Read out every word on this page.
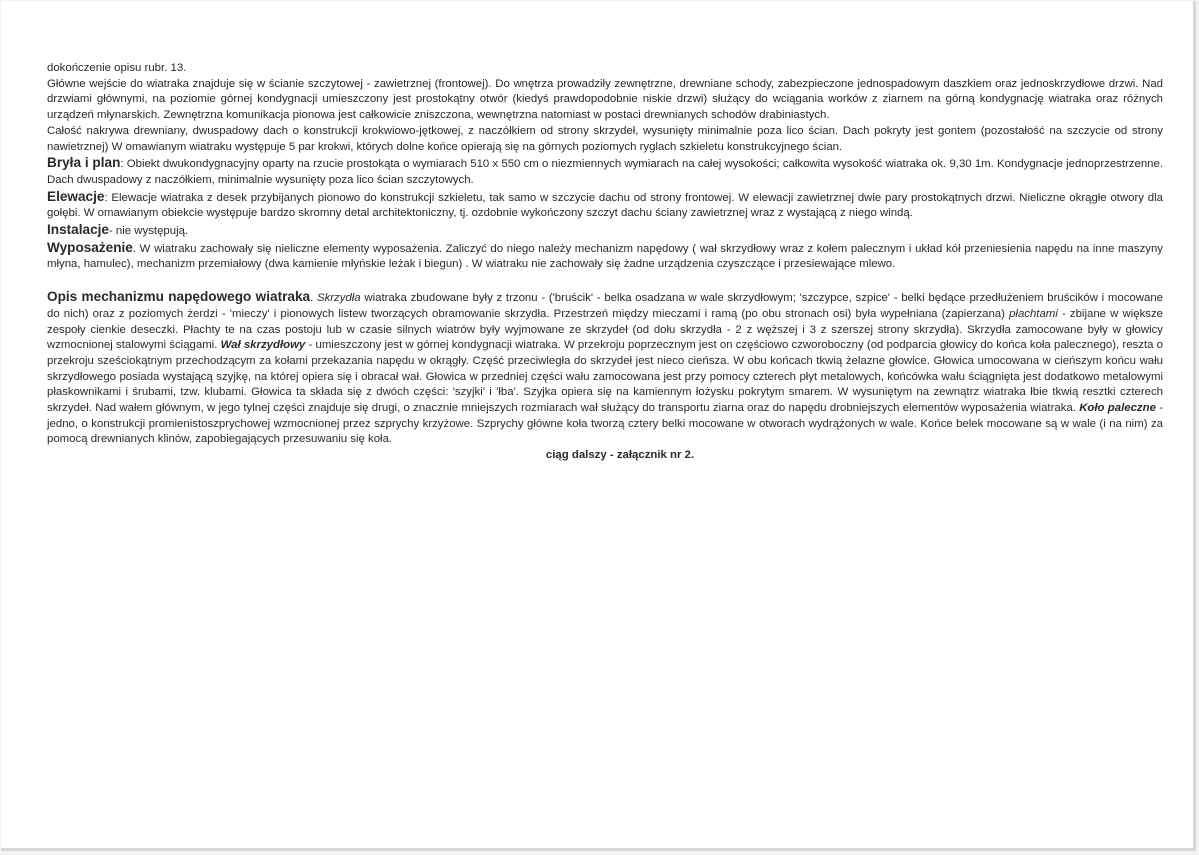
dokończenie opisu rubr. 13.

Główne wejście do wiatraka znajduje się w ścianie szczytowej - zawietrznej (frontowej). Do wnętrza prowadziły zewnętrzne, drewniane schody, zabezpieczone jednospadowym daszkiem oraz jednoskrzydłowe drzwi. Nad drzwiami głównymi, na poziomie górnej kondygnacji umieszczony jest prostokątny otwór (kiedyś prawdopodobnie niskie drzwi) służący do wciągania worków z ziarnem na górną kondygnację wiatraka oraz różnych urządzeń młynarskich. Zewnętrzna komunikacja pionowa jest całkowicie zniszczona, wewnętrzna natomiast w postaci drewnianych schodów drabiniastych.

Całość nakrywa drewniany, dwuspadowy dach o konstrukcji krokwiowo-jętkowej, z naczółkiem od strony skrzydeł, wysunięty minimalnie poza lico ścian. Dach pokryty jest gontem (pozostałość na szczycie od strony nawietrznej) W omawianym wiatraku występuje 5 par krokwi, których dolne końce opierają się na górnych poziomych ryglach szkieletu konstrukcyjnego ścian.

Bryła i plan: Obiekt dwukondygnacyjny oparty na rzucie prostokąta o wymiarach 510 x 550 cm o niezmiennych wymiarach na całej wysokości; całkowita wysokość wiatraka ok. 9,30 1m. Kondygnacje jednoprzestrzenne. Dach dwuspadowy z naczółkiem, minimalnie wysunięty poza lico ścian szczytowych.

Elewacje: Elewacje wiatraka z desek przybijanych pionowo do konstrukcji szkieletu, tak samo w szczycie dachu od strony frontowej. W elewacji zawietrznej dwie pary prostokątnych drzwi. Nieliczne okrągłe otwory dla gołębi. W omawianym obiekcie występuje bardzo skromny detal architektoniczny, tj. ozdobnie wykończony szczyt dachu ściany zawietrznej wraz z wystającą z niego windą.

Instalacje- nie występują.

Wyposażenie. W wiatraku zachowały się nieliczne elementy wyposażenia. Zaliczyć do niego należy mechanizm napędowy ( wał skrzydłowy wraz z kołem palecznym i układ kół przeniesienia napędu na inne maszyny młyna, hamulec), mechanizm przemiałowy (dwa kamienie młyńskie leżak i biegun) . W wiatraku nie zachowały się żadne urządzenia czyszczące i przesiewające mlewo.

Opis mechanizmu napędowego wiatraka. Skrzydła wiatraka zbudowane były z trzonu - ('bruścik' - belka osadzana w wale skrzydłowym; 'szczypce, szpice' - belki będące przedłużeniem bruścików i mocowane do nich) oraz z poziomych żerdzi - 'mieczy' i pionowych listew tworzących obramowanie skrzydła. Przestrzeń między mieczami i ramą (po obu stronach osi) była wypełniana (zapierzana) płachtami - zbijane w większe zespoły cienkie deseczki. Płachty te na czas postoju lub w czasie silnych wiatrów były wyjmowane ze skrzydeł (od dołu skrzydła - 2 z węższej i 3 z szerszej strony skrzydła). Skrzydła zamocowane były w głowicy wzmocnionej stalowymi ściągami. Wał skrzydłowy - umieszczony jest w górnej kondygnacji wiatraka. W przekroju poprzecznym jest on częściowo czworoboczny (od podparcia głowicy do końca koła palecznego), reszta o przekroju sześciokątnym przechodzącym za kołami przekazania napędu w okrągły. Część przeciwległa do skrzydeł jest nieco cieńsza. W obu końcach tkwią żelazne głowice. Głowica umocowana w cieńszym końcu wału skrzydłowego posiada wystającą szyjkę, na której opiera się i obracał wał. Głowica w przedniej części wału zamocowana jest przy pomocy czterech płyt metalowych, końcówka wału ściągnięta jest dodatkowo metalowymi płaskownikami i śrubami, tzw. klubami. Głowica ta składa się z dwóch części: 'szyjki' i 'łba'. Szyjka opiera się na kamiennym łożysku pokrytym smarem. W wysuniętym na zewnątrz wiatraka łbie tkwią resztki czterech skrzydeł. Nad wałem głównym, w jego tylnej części znajduje się drugi, o znacznie mniejszych rozmiarach wał służący do transportu ziarna oraz do napędu drobniejszych elementów wyposażenia wiatraka. Koło paleczne - jedno, o konstrukcji promienistoszprychowej wzmocnionej przez szprychy krzyżowe. Szprychy główne koła tworzą cztery belki mocowane w otworach wydrążonych w wale. Końce belek mocowane są w wale (i na nim) za pomocą drewnianych klinów, zapobiegających przesuwaniu się koła.

ciąg dalszy - załącznik nr 2.
